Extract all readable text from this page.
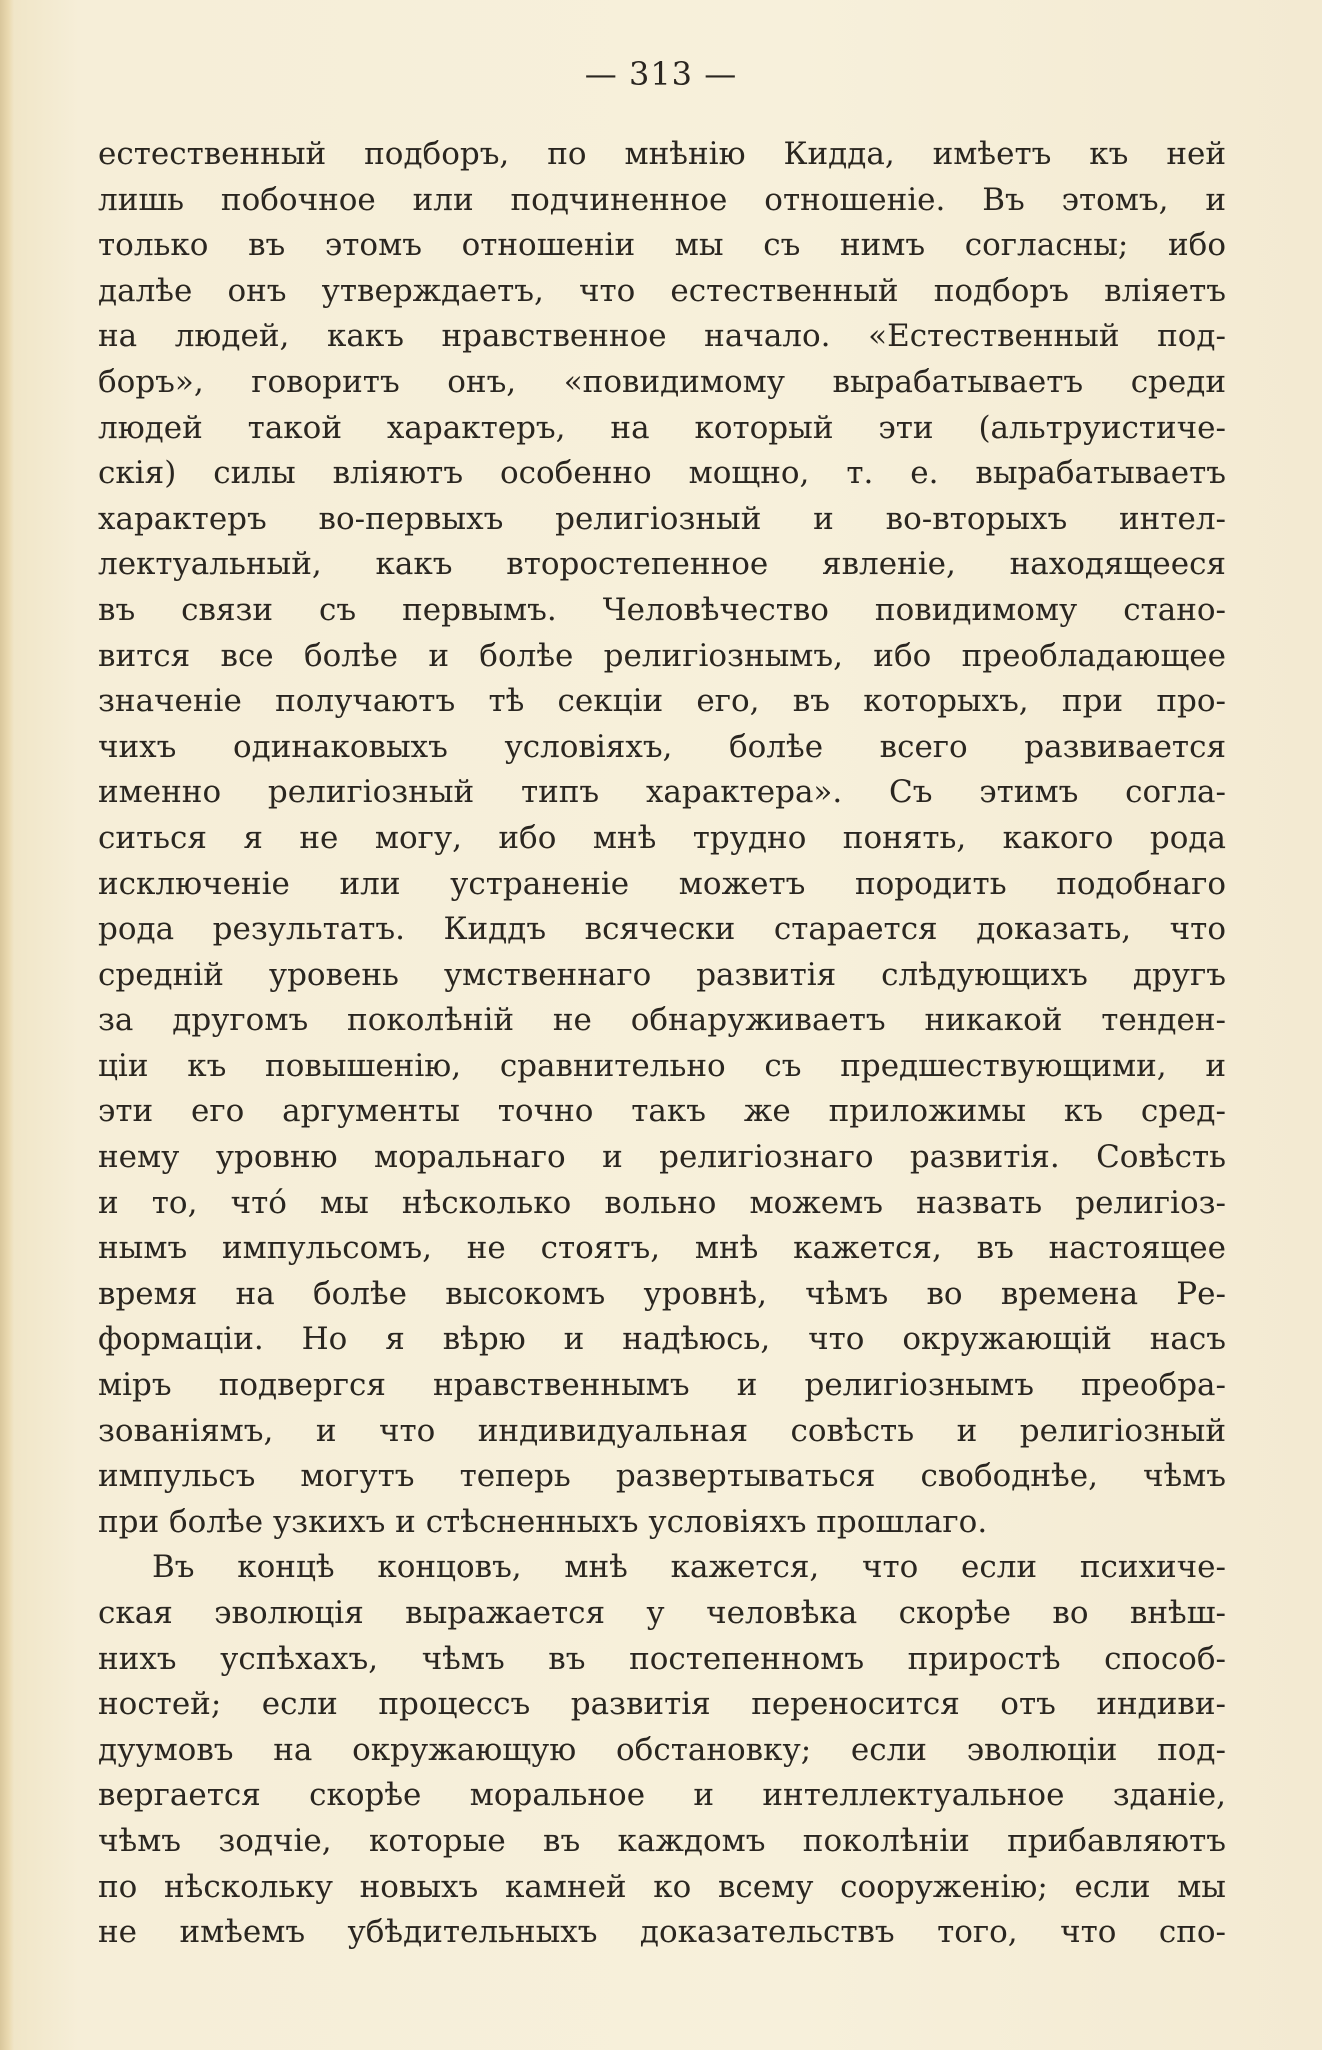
— 313 —
естественный подборъ, по мнѣнію Кидда, имѣетъ къ ней
лишь побочное или подчиненное отношеніе. Въ этомъ, и
только въ этомъ отношеніи мы съ нимъ согласны; ибо
далѣе онъ утверждаетъ, что естественный подборъ вліяетъ
на людей, какъ нравственное начало. «Естественный под-
боръ», говоритъ онъ, «повидимому вырабатываетъ среди
людей такой характеръ, на который эти (альтруистиче-
скія) силы вліяютъ особенно мощно, т. е. вырабатываетъ
характеръ во-первыхъ религіозный и во-вторыхъ интел-
лектуальный, какъ второстепенное явленіе, находящееся
въ связи съ первымъ. Человѣчество повидимому стано-
вится все болѣе и болѣе религіознымъ, ибо преобладающее
значеніе получаютъ тѣ секціи его, въ которыхъ, при про-
чихъ одинаковыхъ условіяхъ, болѣе всего развивается
именно религіозный типъ характера». Съ этимъ согла-
ситься я не могу, ибо мнѣ трудно понять, какого рода
исключеніе или устраненіе можетъ породить подобнаго
рода результатъ. Киддъ всячески старается доказать, что
средній уровень умственнаго развитія слѣдующихъ другъ
за другомъ поколѣній не обнаруживаетъ никакой тенден-
ціи къ повышенію, сравнительно съ предшествующими, и
эти его аргументы точно такъ же приложимы къ сред-
нему уровню моральнаго и религіознаго развитія. Совѣсть
и то, чтó мы нѣсколько вольно можемъ назвать религіоз-
нымъ импульсомъ, не стоятъ, мнѣ кажется, въ настоящее
время на болѣе высокомъ уровнѣ, чѣмъ во времена Ре-
формаціи. Но я вѣрю и надѣюсь, что окружающій насъ
міръ подвергся нравственнымъ и религіознымъ преобра-
зованіямъ, и что индивидуальная совѣсть и религіозный
импульсъ могутъ теперь развертываться свободнѣе, чѣмъ
при болѣе узкихъ и стѣсненныхъ условіяхъ прошлаго.
Въ концѣ концовъ, мнѣ кажется, что если психиче-
ская эволюція выражается у человѣка скорѣе во внѣш-
нихъ успѣхахъ, чѣмъ въ постепенномъ приростѣ способ-
ностей; если процессъ развитія переносится отъ индиви-
дуумовъ на окружающую обстановку; если эволюціи под-
вергается скорѣе моральное и интеллектуальное зданіе,
чѣмъ зодчіе, которые въ каждомъ поколѣніи прибавляютъ
по нѣскольку новыхъ камней ко всему сооруженію; если мы
не имѣемъ убѣдительныхъ доказательствъ того, что спо-
